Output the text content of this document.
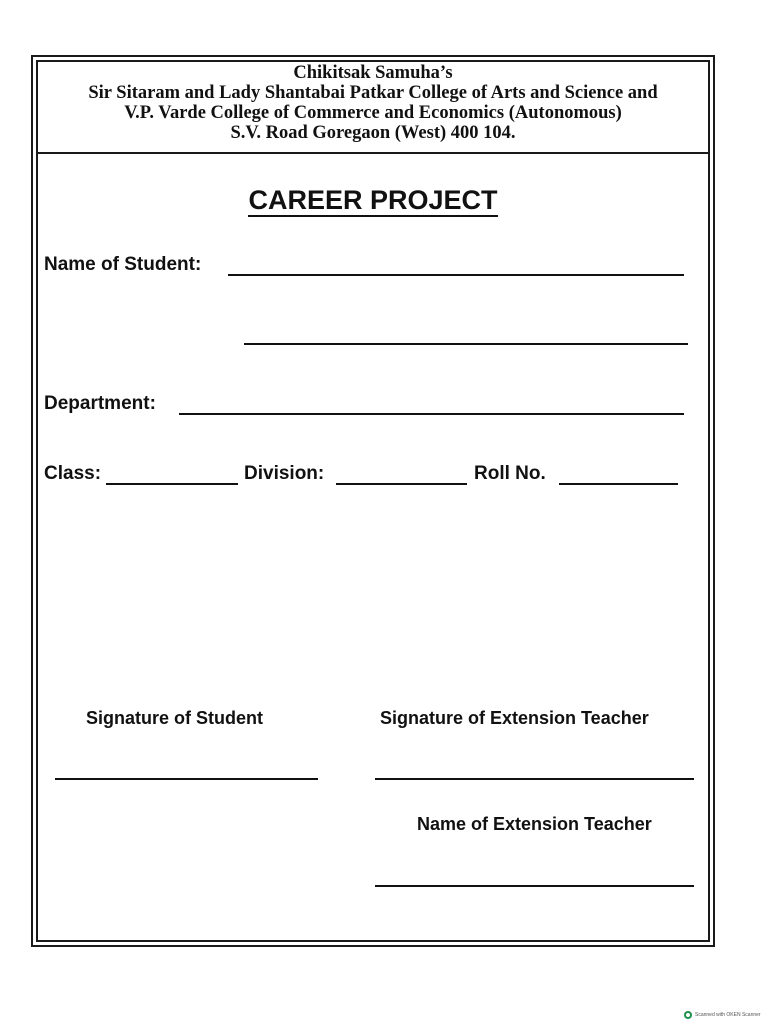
Chikitsak Samuha’s
Sir Sitaram and Lady Shantabai Patkar College of Arts and Science and
V.P. Varde College of Commerce and Economics (Autonomous)
S.V. Road Goregaon (West) 400 104.
CAREER PROJECT
Name of Student:
Department:
Class:	Division:	Roll No.
Signature of Student	Signature of Extension Teacher
Name of Extension Teacher
Scanned with OKEN Scanner
